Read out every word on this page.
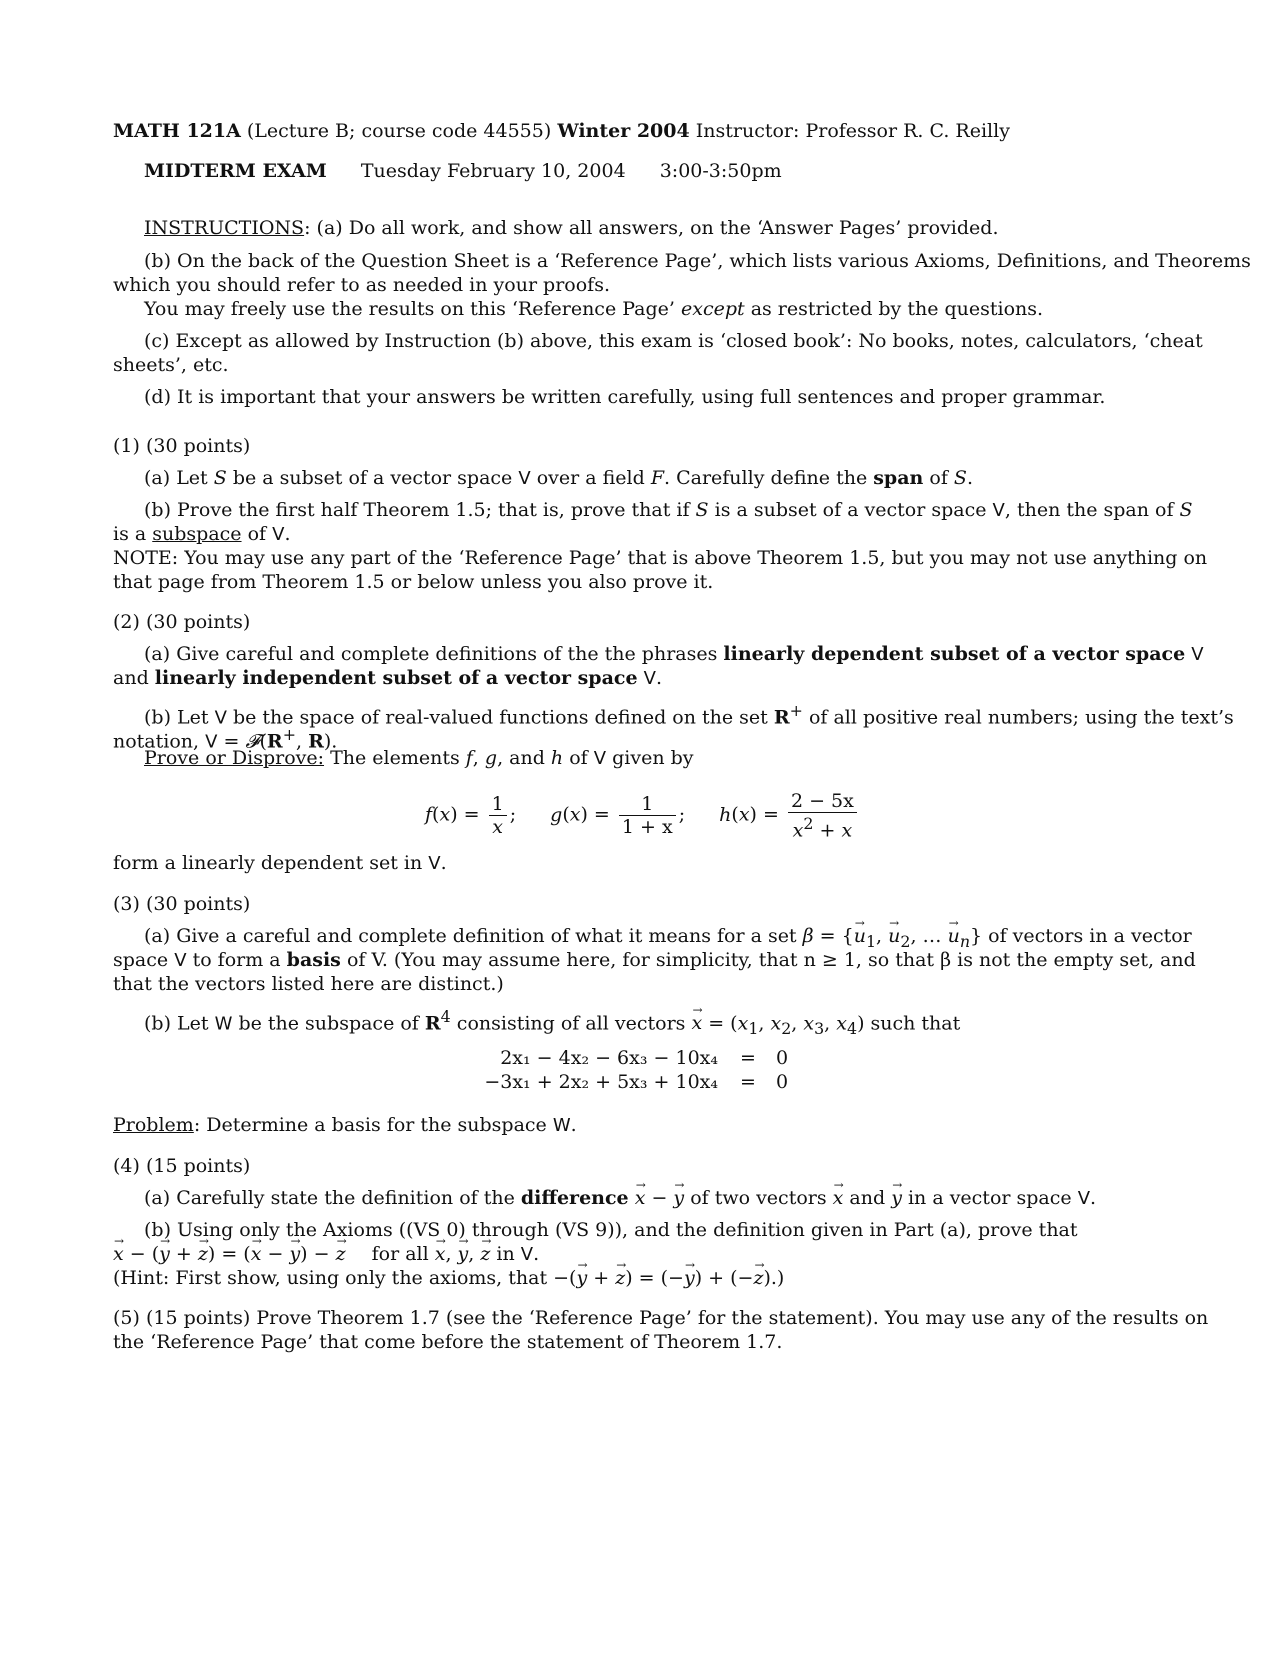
MATH 121A (Lecture B; course code 44555) Winter 2004 Instructor: Professor R. C. Reilly
MIDTERM EXAM Tuesday February 10, 2004 3:00-3:50pm
INSTRUCTIONS: (a) Do all work, and show all answers, on the ‘Answer Pages’ provided.
(b) On the back of the Question Sheet is a ‘Reference Page’, which lists various Axioms, Definitions, and Theorems
which you should refer to as needed in your proofs.
You may freely use the results on this ‘Reference Page’ except as restricted by the questions.
(c) Except as allowed by Instruction (b) above, this exam is ‘closed book’: No books, notes, calculators, ‘cheat
sheets’, etc.
(d) It is important that your answers be written carefully, using full sentences and proper grammar.
(1) (30 points)
(a) Let S be a subset of a vector space V over a field F. Carefully define the span of S.
(b) Prove the first half Theorem 1.5; that is, prove that if S is a subset of a vector space V, then the span of S
is a subspace of V.
NOTE: You may use any part of the ‘Reference Page’ that is above Theorem 1.5, but you may not use anything on
that page from Theorem 1.5 or below unless you also prove it.
(2) (30 points)
(a) Give careful and complete definitions of the the phrases linearly dependent subset of a vector space V
and linearly independent subset of a vector space V.
(b) Let V be the space of real-valued functions defined on the set R+ of all positive real numbers; using the text’s
notation, V = 𝓕(R+, R).
Prove or Disprove: The elements f, g, and h of V given by
$f(x) = \frac{1}{x}$ ; $g(x) = \frac{1}{1 + x}$ ; $h(x) = \frac{2 - 5x}{x^2 + x}$
form a linearly dependent set in V.
(3) (30 points)
(a) Give a careful and complete definition of what it means for a set β = {→ $u_1$, → $u_2$, … → $u_n$} of vectors in a vector
space V to form a basis of V. (You may assume here, for simplicity, that n ≥ 1, so that β is not the empty set, and
that the vectors listed here are distinct.)
(b) Let W be the subspace of $R^4$ consisting of all vectors → $x = (x_1$, $x_2$, $x_3$, $x_4$) such that
2x₁ − 4x₂ − 6x₃ − 10x₄ = 0
−3x₁ + 2x₂ + 5x₃ + 10x₄ = 0
Problem: Determine a basis for the subspace W.
(4) (15 points)
(a) Carefully state the definition of the difference → x − → y of two vectors → x and → y in a vector space V.
(b) Using only the Axioms ((VS 0) through (VS 9)), and the definition given in Part (a), prove that
→ x − (→ y + → z) = (→ x − → y) − → z for all → x, → y, → z in V.
(Hint: First show, using only the axioms, that −(→ y + → z) = (−→ y) + (−→ z).)
(5) (15 points) Prove Theorem 1.7 (see the ‘Reference Page’ for the statement). You may use any of the results on
the ‘Reference Page’ that come before the statement of Theorem 1.7.
